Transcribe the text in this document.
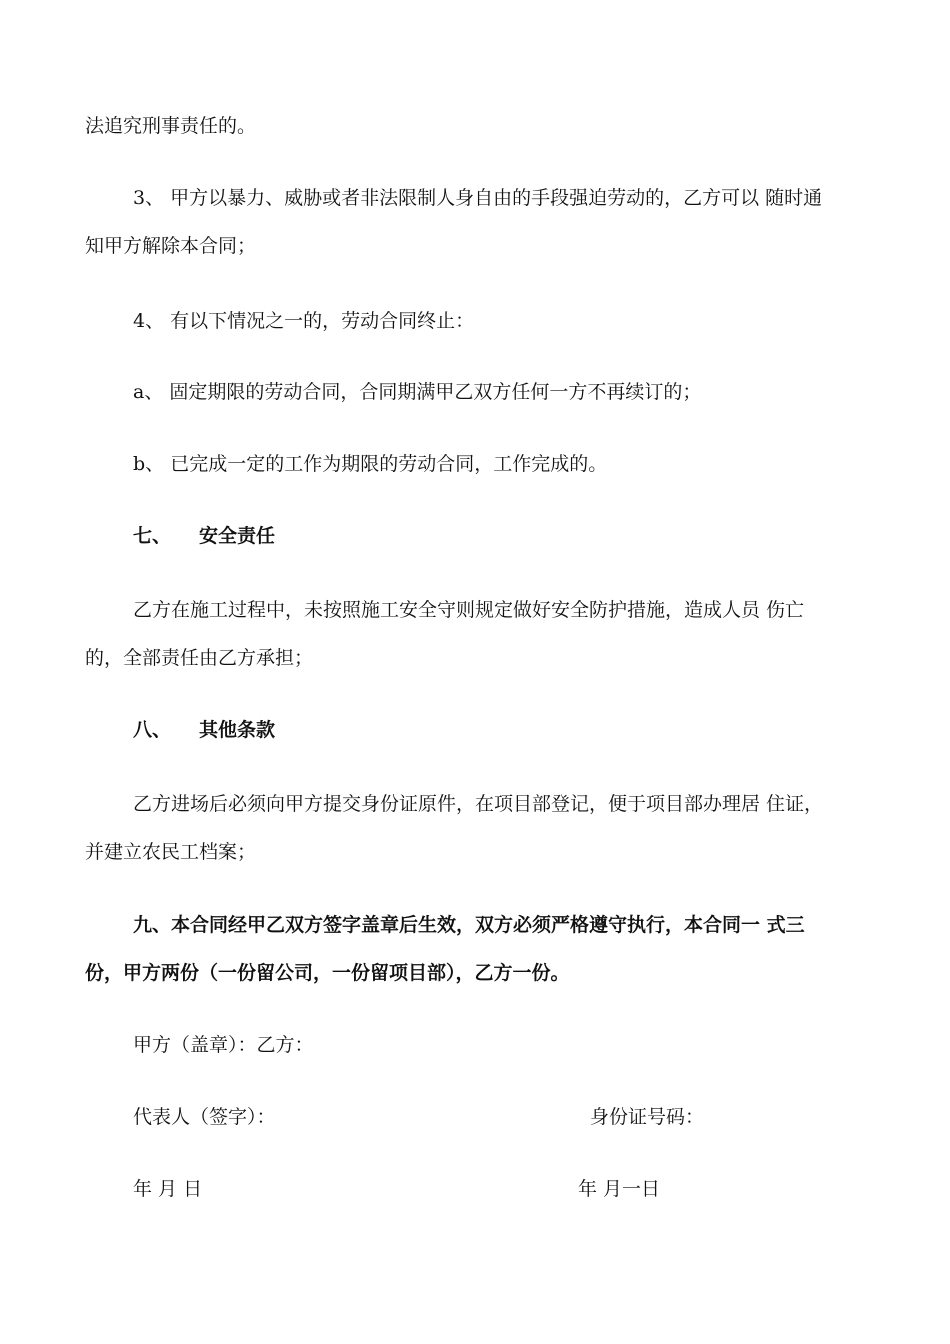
法追究刑事责任的。
3、 甲方以暴力、威胁或者非法限制人身自由的手段强迫劳动的，乙方可以 随时通
知甲方解除本合同；
4、 有以下情况之一的，劳动合同终止：
a、 固定期限的劳动合同，合同期满甲乙双方任何一方不再续订的；
b、 已完成一定的工作为期限的劳动合同，工作完成的。
七、 安全责任
乙方在施工过程中，未按照施工安全守则规定做好安全防护措施，造成人员 伤亡
的，全部责任由乙方承担；
八、 其他条款
乙方进场后必须向甲方提交身份证原件，在项目部登记，便于项目部办理居 住证，
并建立农民工档案；
九、本合同经甲乙双方签字盖章后生效，双方必须严格遵守执行，本合同一 式三
份，甲方两份（一份留公司，一份留项目部），乙方一份。
甲方（盖章）：乙方：
代表人（签字）：	身份证号码：
年 月 日	年 月一日
